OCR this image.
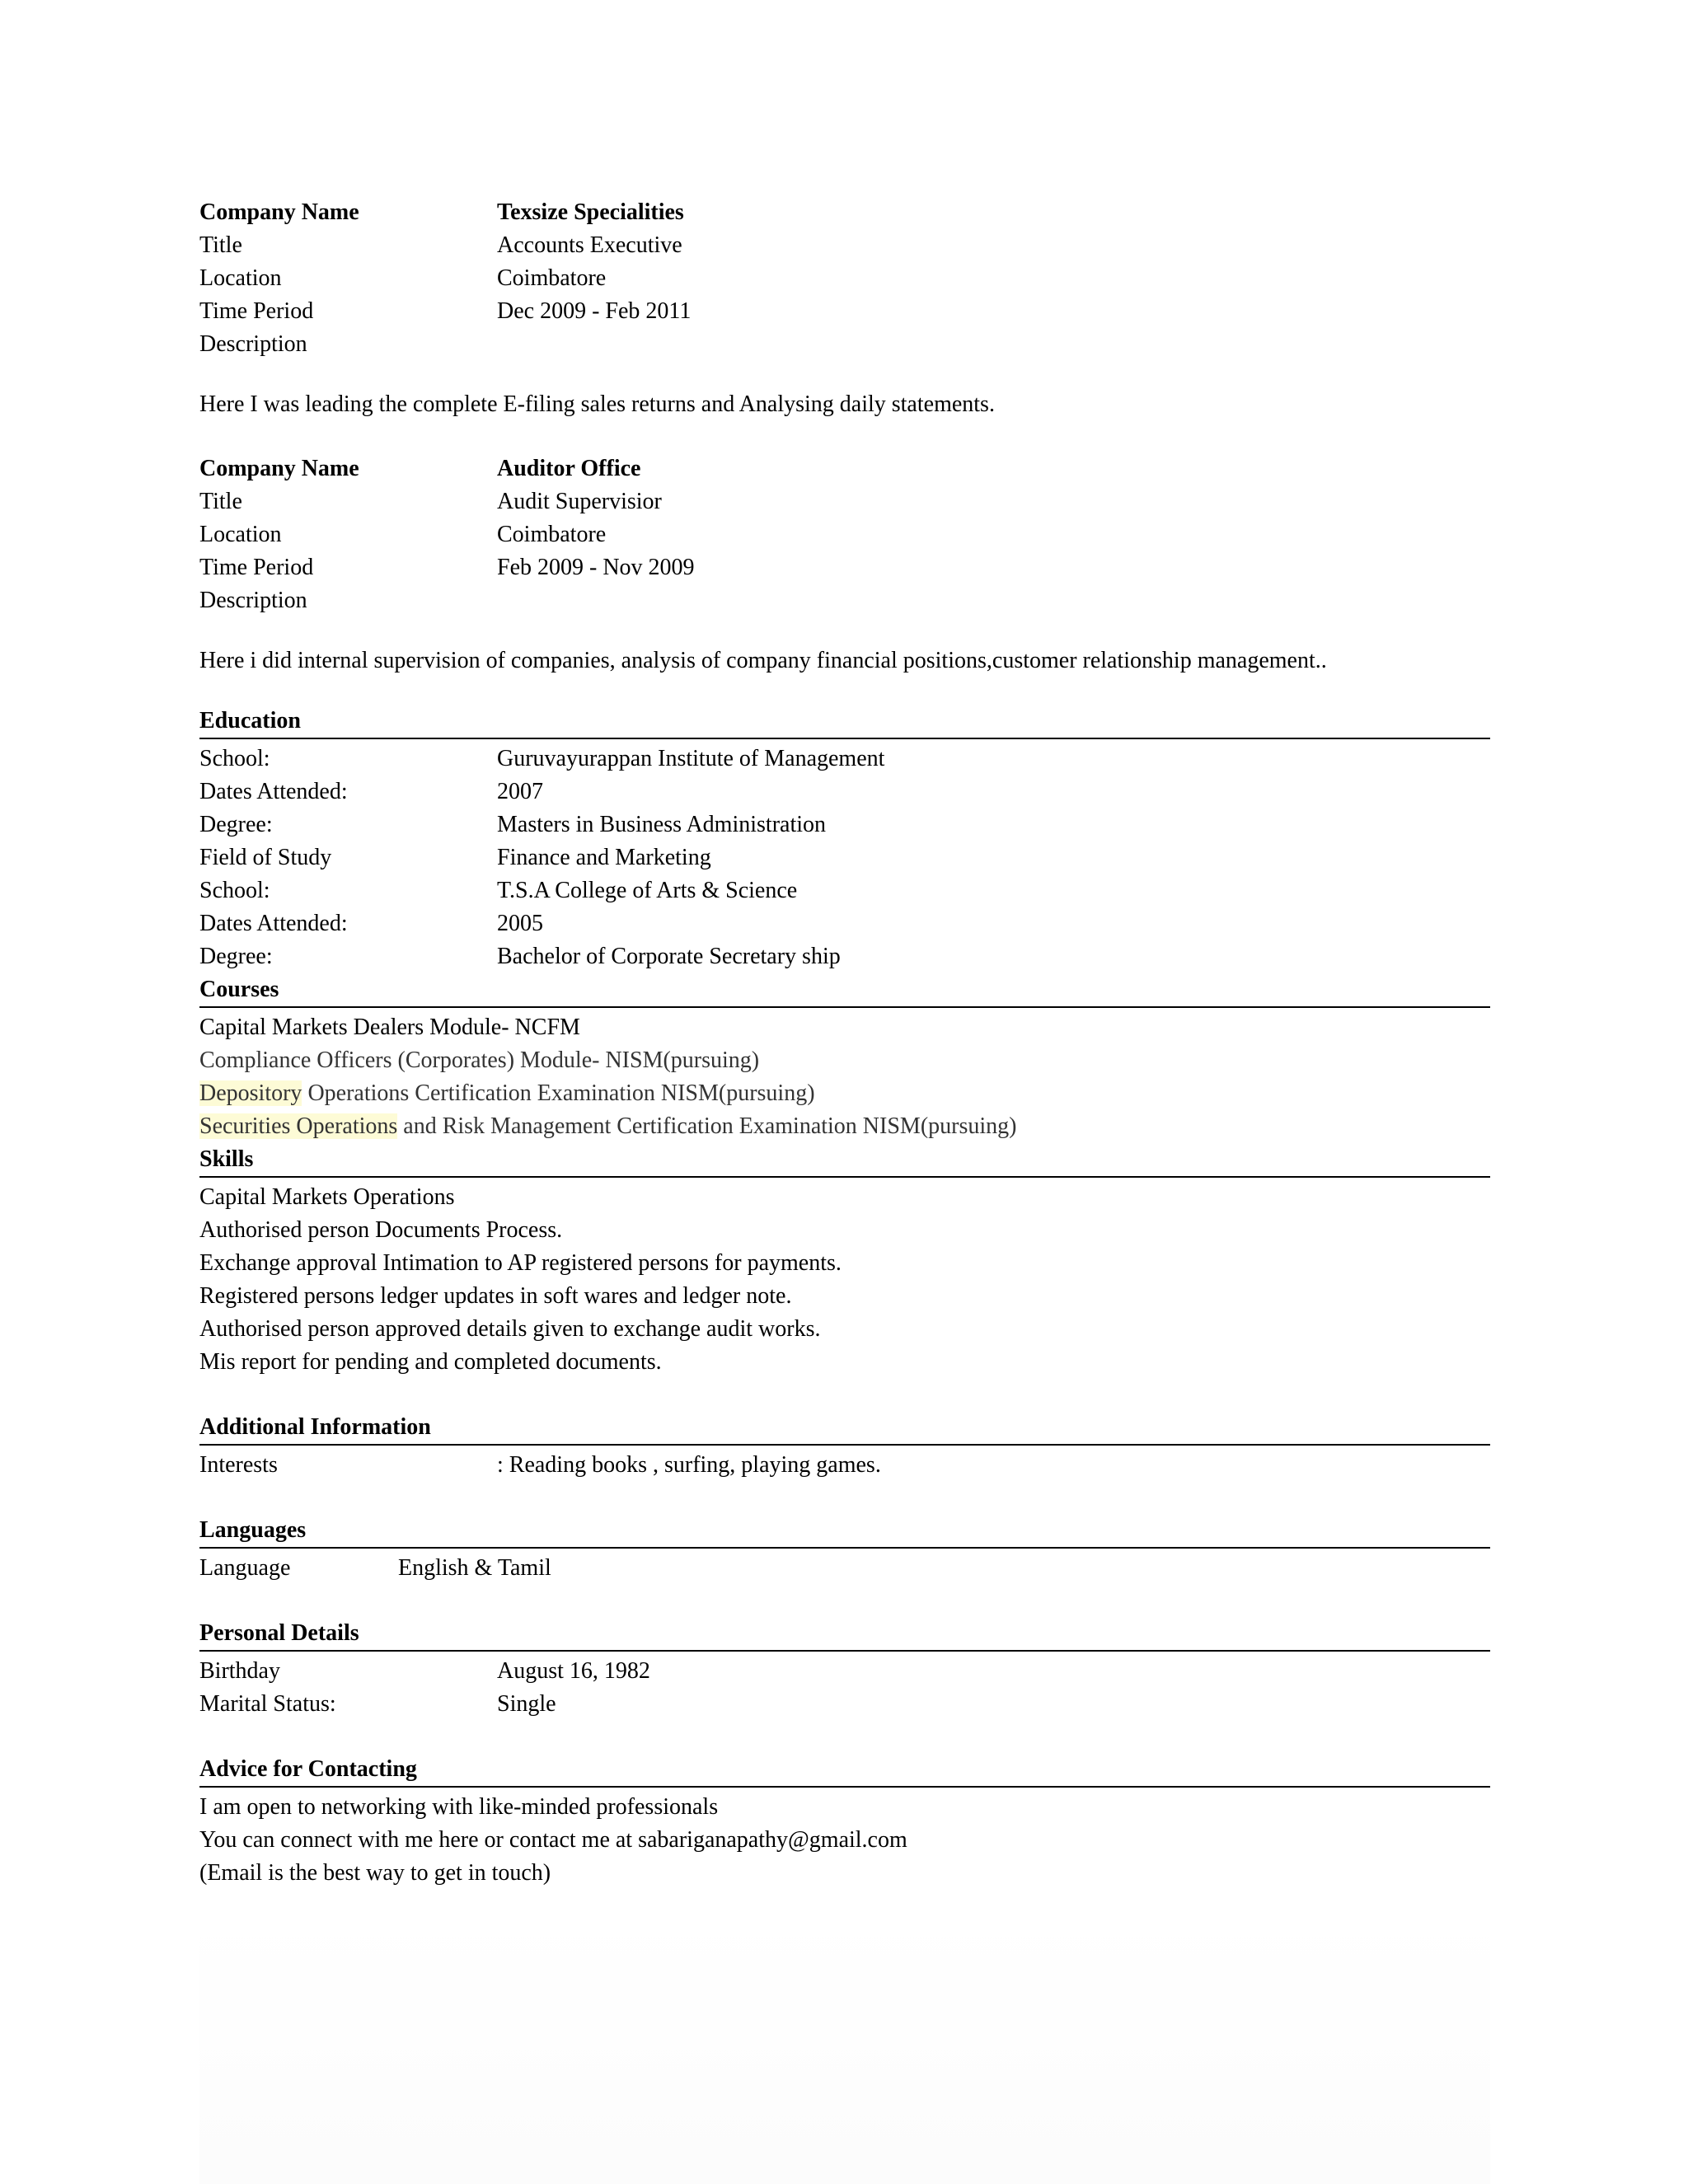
Company Name	Texsize Specialities
Title	Accounts Executive
Location	Coimbatore
Time Period	Dec 2009 - Feb 2011
Description
Here I was leading the complete E-filing sales returns and Analysing daily statements.
Company Name	Auditor Office
Title	Audit Supervisior
Location	Coimbatore
Time Period	Feb 2009 - Nov 2009
Description
Here i did internal supervision of companies, analysis of company financial positions,customer relationship management..
Education
School:	Guruvayurappan Institute of Management
Dates Attended:	2007
Degree:	Masters in Business Administration
Field of Study	Finance and Marketing
School:	T.S.A College of Arts & Science
Dates Attended:	2005
Degree:	Bachelor of Corporate Secretary ship
Courses
Capital Markets Dealers Module- NCFM
Compliance Officers (Corporates) Module- NISM(pursuing)
Depository Operations Certification Examination NISM(pursuing)
Securities Operations and Risk Management Certification Examination NISM(pursuing)
Skills
Capital Markets Operations
Authorised person Documents Process.
Exchange approval Intimation to AP registered persons for payments.
Registered persons ledger updates in soft wares and ledger note.
Authorised person approved details given to exchange audit works.
Mis report for pending and completed documents.
Additional Information
Interests	: Reading books , surfing, playing games.
Languages
Language	English & Tamil
Personal Details
Birthday	August 16, 1982
Marital Status:	Single
Advice for Contacting
I am open to networking with like-minded professionals
You can connect with me here or contact me at sabariganapathy@gmail.com
(Email is the best way to get in touch)
